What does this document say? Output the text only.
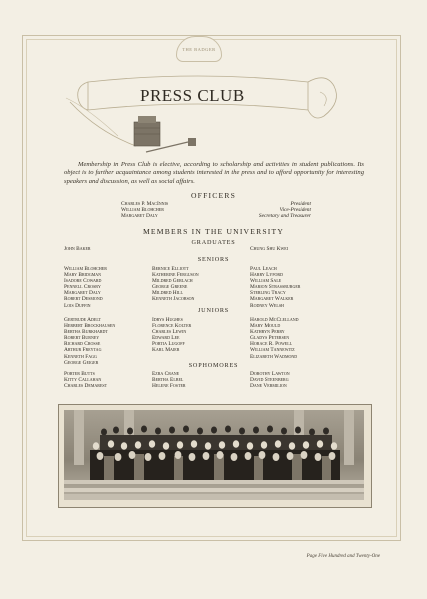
THE BADGER
PRESS CLUB

Membership in Press Club is elective, according to scholarship and activities in student publications. Its object is to further acquaintance among students interested in the press and to afford opportunity for interesting speakers and discussion, as well as social affairs.

OFFICERS
Charles P. MacInnis	President
William Blohcher	Vice-President
Margaret Daly	Secretary and Treasurer
MEMBERS IN THE UNIVERSITY
GRADUATES
John Baker	Chung Shu Kwei
SENIORS
William Blohcher
Mary Bridgman
Isadore Coward
Pennell Crosby
Margaret Daly
Robert Desmond
Lois Duffin
Bernice Elliott
Katherine Ferguson
Mildred Gerlach
George Greene
Mildred Hill
Kenneth Jacobson
Paul Leach
Harry Lyford
William Sale
Marion Strassburger
Sterling Tracy
Margaret Walker
Rodney Welsh
JUNIORS
Gertrude Adelt
Herbert Brockhausen
Bertha Burkhardt
Robert Burney
Richard Crosse
Arthur Freytag
Kenneth Fagg
George Geiger
Idrys Hughes
Florence Kolter
Charles Lewin
Edward Lee
Portia Lugoff
Karl Maier
Harold McClelland
Mary Mould
Kathryn Perry
Gladys Petersen
Horace R. Powell
William Tannewitz
Elizabeth Wadmond
SOPHOMORES
Porter Butts
Kitty Callahan
Charles Demarest
Ezra Crane
Bertha Elbel
Helene Foster
Dorothy Lawton
David Steenberg
Dane Vermilion
Page Five Hundred and Twenty-One
